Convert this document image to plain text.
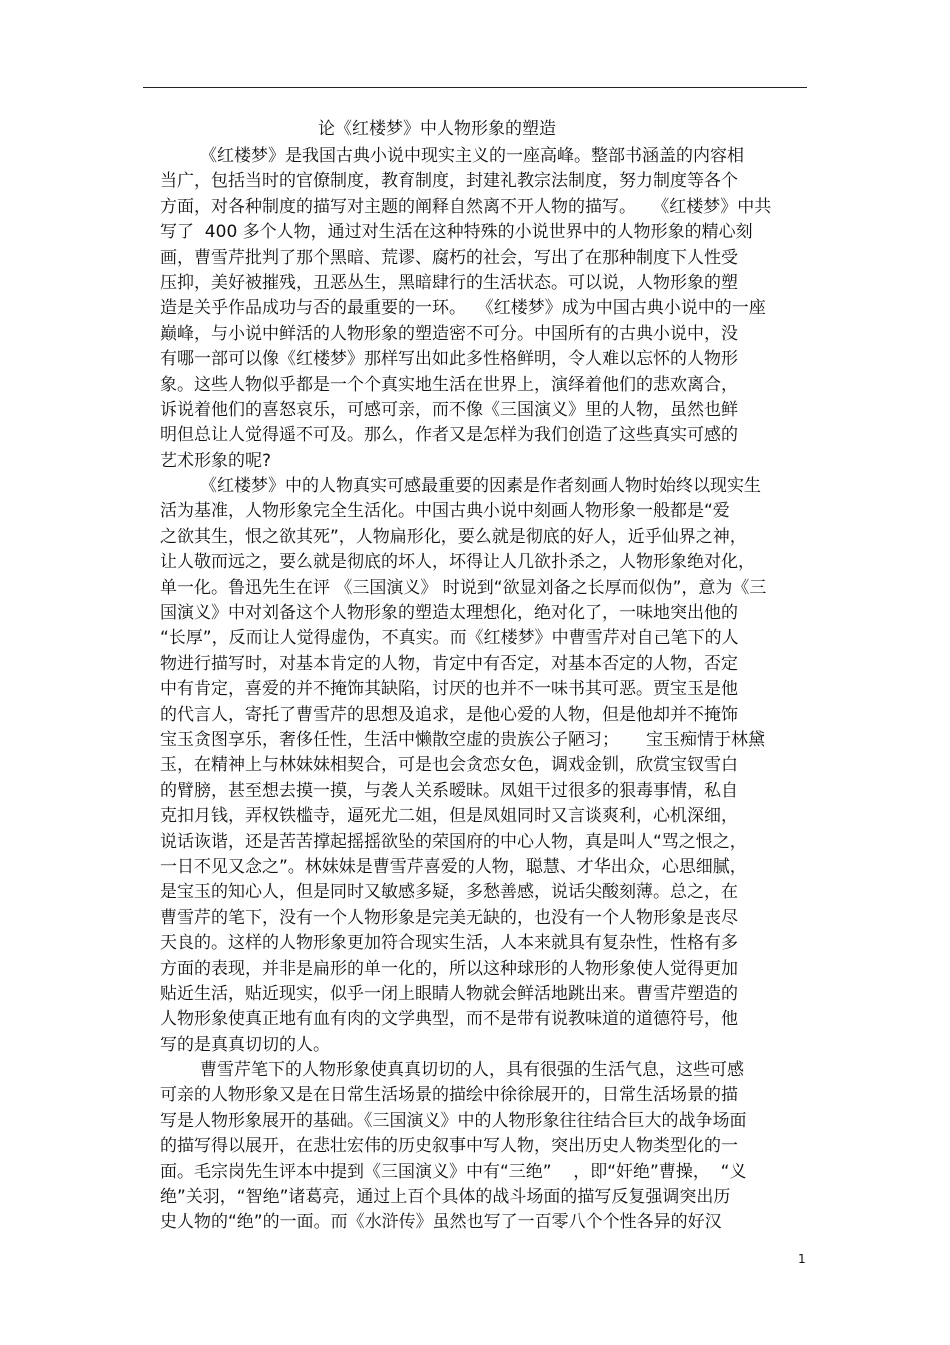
论《红楼梦》中人物形象的塑造
《红楼梦》是我国古典小说中现实主义的一座高峰。整部书涵盖的内容相
当广，包括当时的官僚制度，教育制度，封建礼教宗法制度，努力制度等各个
方面，对各种制度的描写对主题的阐释自然离不开人物的描写。   《红楼梦》中共
写了  400 多个人物，通过对生活在这种特殊的小说世界中的人物形象的精心刻
画，曹雪芹批判了那个黑暗、荒谬、腐朽的社会，写出了在那种制度下人性受
压抑，美好被摧残，丑恶丛生，黑暗肆行的生活状态。可以说，人物形象的塑
造是关乎作品成功与否的最重要的一环。  《红楼梦》成为中国古典小说中的一座
巅峰，与小说中鲜活的人物形象的塑造密不可分。中国所有的古典小说中，没
有哪一部可以像《红楼梦》那样写出如此多性格鲜明，令人难以忘怀的人物形
象。这些人物似乎都是一个个真实地生活在世界上，演绎着他们的悲欢离合，
诉说着他们的喜怒哀乐，可感可亲，而不像《三国演义》里的人物，虽然也鲜
明但总让人觉得遥不可及。那么，作者又是怎样为我们创造了这些真实可感的
艺术形象的呢?
《红楼梦》中的人物真实可感最重要的因素是作者刻画人物时始终以现实生
活为基准，人物形象完全生活化。中国古典小说中刻画人物形象一般都是“爱
之欲其生，恨之欲其死”，人物扁形化，要么就是彻底的好人，近乎仙界之神，
让人敬而远之，要么就是彻底的坏人，坏得让人几欲扑杀之，人物形象绝对化，
单一化。鲁迅先生在评 《三国演义》 时说到“欲显刘备之长厚而似伪”，意为《三
国演义》中对刘备这个人物形象的塑造太理想化，绝对化了，一味地突出他的
“长厚”，反而让人觉得虚伪，不真实。而《红楼梦》中曹雪芹对自己笔下的人
物进行描写时，对基本肯定的人物，肯定中有否定，对基本否定的人物，否定
中有肯定，喜爱的并不掩饰其缺陷，讨厌的也并不一味书其可恶。贾宝玉是他
的代言人，寄托了曹雪芹的思想及追求，是他心爱的人物，但是他却并不掩饰
宝玉贪图享乐，奢侈任性，生活中懒散空虚的贵族公子陋习；     宝玉痴情于林黛
玉，在精神上与林妹妹相契合，可是也会贪恋女色，调戏金钏，欣赏宝钗雪白
的臂膀，甚至想去摸一摸，与袭人关系暧昧。凤姐干过很多的狠毒事情，私自
克扣月钱，弄权铁槛寺，逼死尤二姐，但是凤姐同时又言谈爽利，心机深细，
说话诙谐，还是苦苦撑起摇摇欲坠的荣国府的中心人物，真是叫人“骂之恨之，
一日不见又念之”。林妹妹是曹雪芹喜爱的人物，聪慧、才华出众，心思细腻，
是宝玉的知心人，但是同时又敏感多疑，多愁善感，说话尖酸刻薄。总之，在
曹雪芹的笔下，没有一个人物形象是完美无缺的，也没有一个人物形象是丧尽
天良的。这样的人物形象更加符合现实生活，人本来就具有复杂性，性格有多
方面的表现，并非是扁形的单一化的，所以这种球形的人物形象使人觉得更加
贴近生活，贴近现实，似乎一闭上眼睛人物就会鲜活地跳出来。曹雪芹塑造的
人物形象使真正地有血有肉的文学典型，而不是带有说教味道的道德符号，他
写的是真真切切的人。
曹雪芹笔下的人物形象使真真切切的人，具有很强的生活气息，这些可感
可亲的人物形象又是在日常生活场景的描绘中徐徐展开的，日常生活场景的描
写是人物形象展开的基础。《三国演义》中的人物形象往往结合巨大的战争场面
的描写得以展开，在悲壮宏伟的历史叙事中写人物，突出历史人物类型化的一
面。毛宗岗先生评本中提到《三国演义》中有“三绝”    ，即“奸绝”曹操，  “义
绝”关羽，“智绝”诸葛亮，通过上百个具体的战斗场面的描写反复强调突出历
史人物的“绝”的一面。而《水浒传》虽然也写了一百零八个个性各异的好汉
1
